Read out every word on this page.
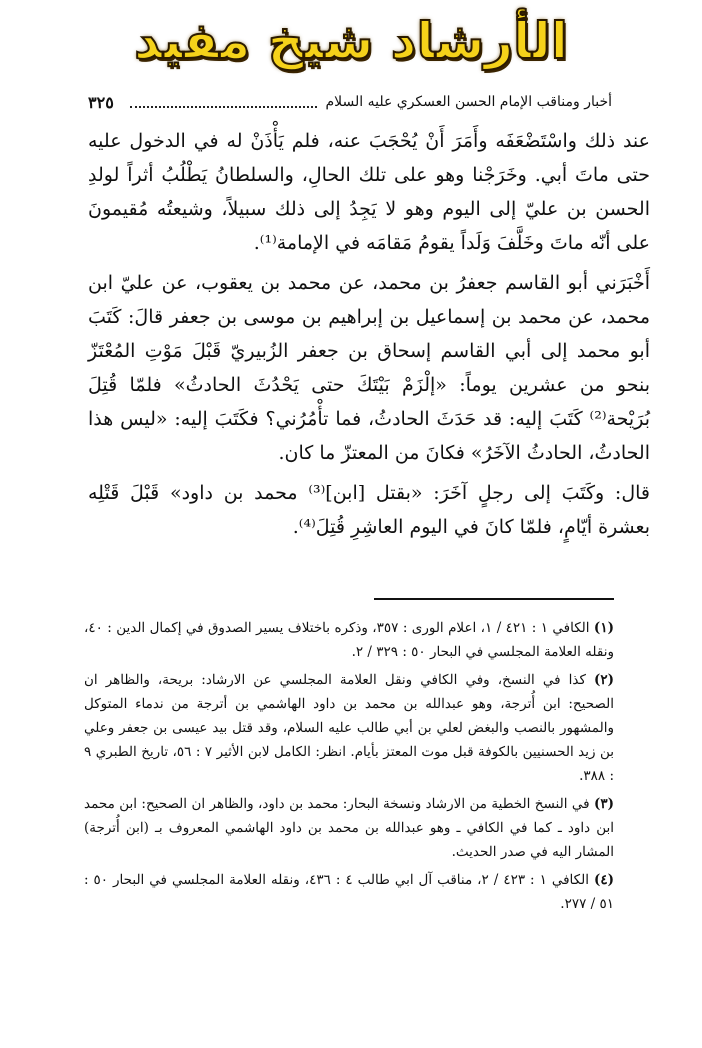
الأرشاد شيخ مفيد
٣٢٥	أخبار ومناقب الإمام الحسن العسكري عليه السلام

عند ذلك واسْتَضْعَفَه وأَمَرَ أَنْ يُحْجَبَ عنه، فلم يَأْذَنْ له في الدخول عليه حتى ماتَ أبي. وخَرَجْنا وهو على تلك الحالِ، والسلطانُ يَطْلُبُ أثراً لولدِ الحسن بن عليّ إلى اليوم وهو لا يَجِدُ إلى ذلك سبيلاً، وشيعتُه مُقيمونَ على أنّه ماتَ وخَلَّفَ وَلَداً يقومُ مَقامَه في الإمامة⁽¹⁾.

أَخْبَرَني أبو القاسم جعفرُ بن محمد، عن محمد بن يعقوب، عن عليّ ابن محمد، عن محمد بن إسماعيل بن إبراهيم بن موسى بن جعفر قالَ: كَتَبَ أبو محمد إلى أبي القاسم إسحاق بن جعفر الزُبيريّ قَبْلَ مَوْتِ المُعْتَزّ بنحو من عشرين يوماً: «إلْزَمْ بَيْتَكَ حتى يَحْدُثَ الحادثُ» فلمّا قُتِلَ بُرَيْحة⁽²⁾ كَتَبَ إليه: قد حَدَثَ الحادثُ، فما تأْمُرُني؟ فكَتَبَ إليه: «ليس هذا الحادثُ، الحادثُ الآخَرُ» فكانَ من المعتزّ ما كان.

قال: وكَتَبَ إلى رجلٍ آخَرَ: «بقتل [ابن]⁽³⁾ محمد بن داود» قَبْلَ قَتْلِه بعشرة أيّامٍ، فلمّا كانَ في اليوم العاشِرِ قُتِلَ⁽⁴⁾.

(١) الكافي ١ : ٤٢١ / ١، اعلام الورى : ٣٥٧، وذكره باختلاف يسير الصدوق في إكمال الدين : ٤٠، ونقله العلامة المجلسي في البحار ٥٠ : ٣٢٩ / ٢.

(٢) كذا في النسخ، وفي الكافي ونقل العلامة المجلسي عن الارشاد: بريحة، والظاهر ان الصحيح: ابن أُترجة، وهو عبدالله بن محمد بن داود الهاشمي بن أترجة من ندماء المتوكل والمشهور بالنصب والبغض لعلي بن أبي طالب عليه السلام، وقد قتل بيد عيسى بن جعفر وعلي بن زيد الحسنيين بالكوفة قبل موت المعتز بأيام. انظر: الكامل لابن الأثير ٧ : ٥٦، تاريخ الطبري ٩ : ٣٨٨.

(٣) في النسخ الخطية من الارشاد ونسخة البحار: محمد بن داود، والظاهر ان الصحيح: ابن محمد ابن داود ـ كما في الكافي ـ وهو عبدالله بن محمد بن داود الهاشمي المعروف بـ (ابن أُترجة) المشار اليه في صدر الحديث.

(٤) الكافي ١ : ٤٢٣ / ٢، مناقب آل ابي طالب ٤ : ٤٣٦، ونقله العلامة المجلسي في البحار ٥٠ : ٥١ / ٢٧٧.
